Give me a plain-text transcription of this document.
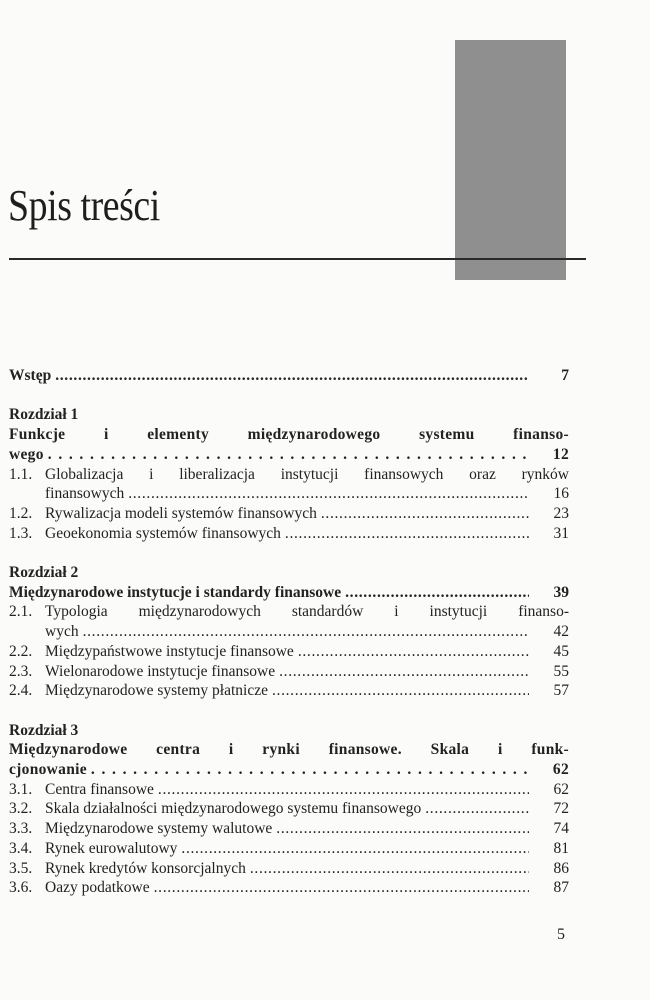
Spis treści
Wstęp . . .	7
Rozdział 1
Funkcje i elementy międzynarodowego systemu finanso-
wego . . .	12
1.1. Globalizacja i liberalizacja instytucji finansowych oraz rynków
finansowych . . .	16
1.2. Rywalizacja modeli systemów finansowych . . .	23
1.3. Geoekonomia systemów finansowych . . .	31
Rozdział 2
Międzynarodowe instytucje i standardy finansowe . . .	39
2.1. Typologia międzynarodowych standardów i instytucji finanso-
wych . . .	42
2.2. Międzypaństwowe instytucje finansowe . . .	45
2.3. Wielonarodowe instytucje finansowe . . .	55
2.4. Międzynarodowe systemy płatnicze . . .	57
Rozdział 3
Międzynarodowe centra i rynki finansowe. Skala i funk-
cjonowanie . . .	62
3.1. Centra finansowe . . .	62
3.2. Skala działalności międzynarodowego systemu finansowego . . .	72
3.3. Międzynarodowe systemy walutowe . . .	74
3.4. Rynek eurowalutowy . . .	81
3.5. Rynek kredytów konsorcjalnych . . .	86
3.6. Oazy podatkowe . . .	87
5
